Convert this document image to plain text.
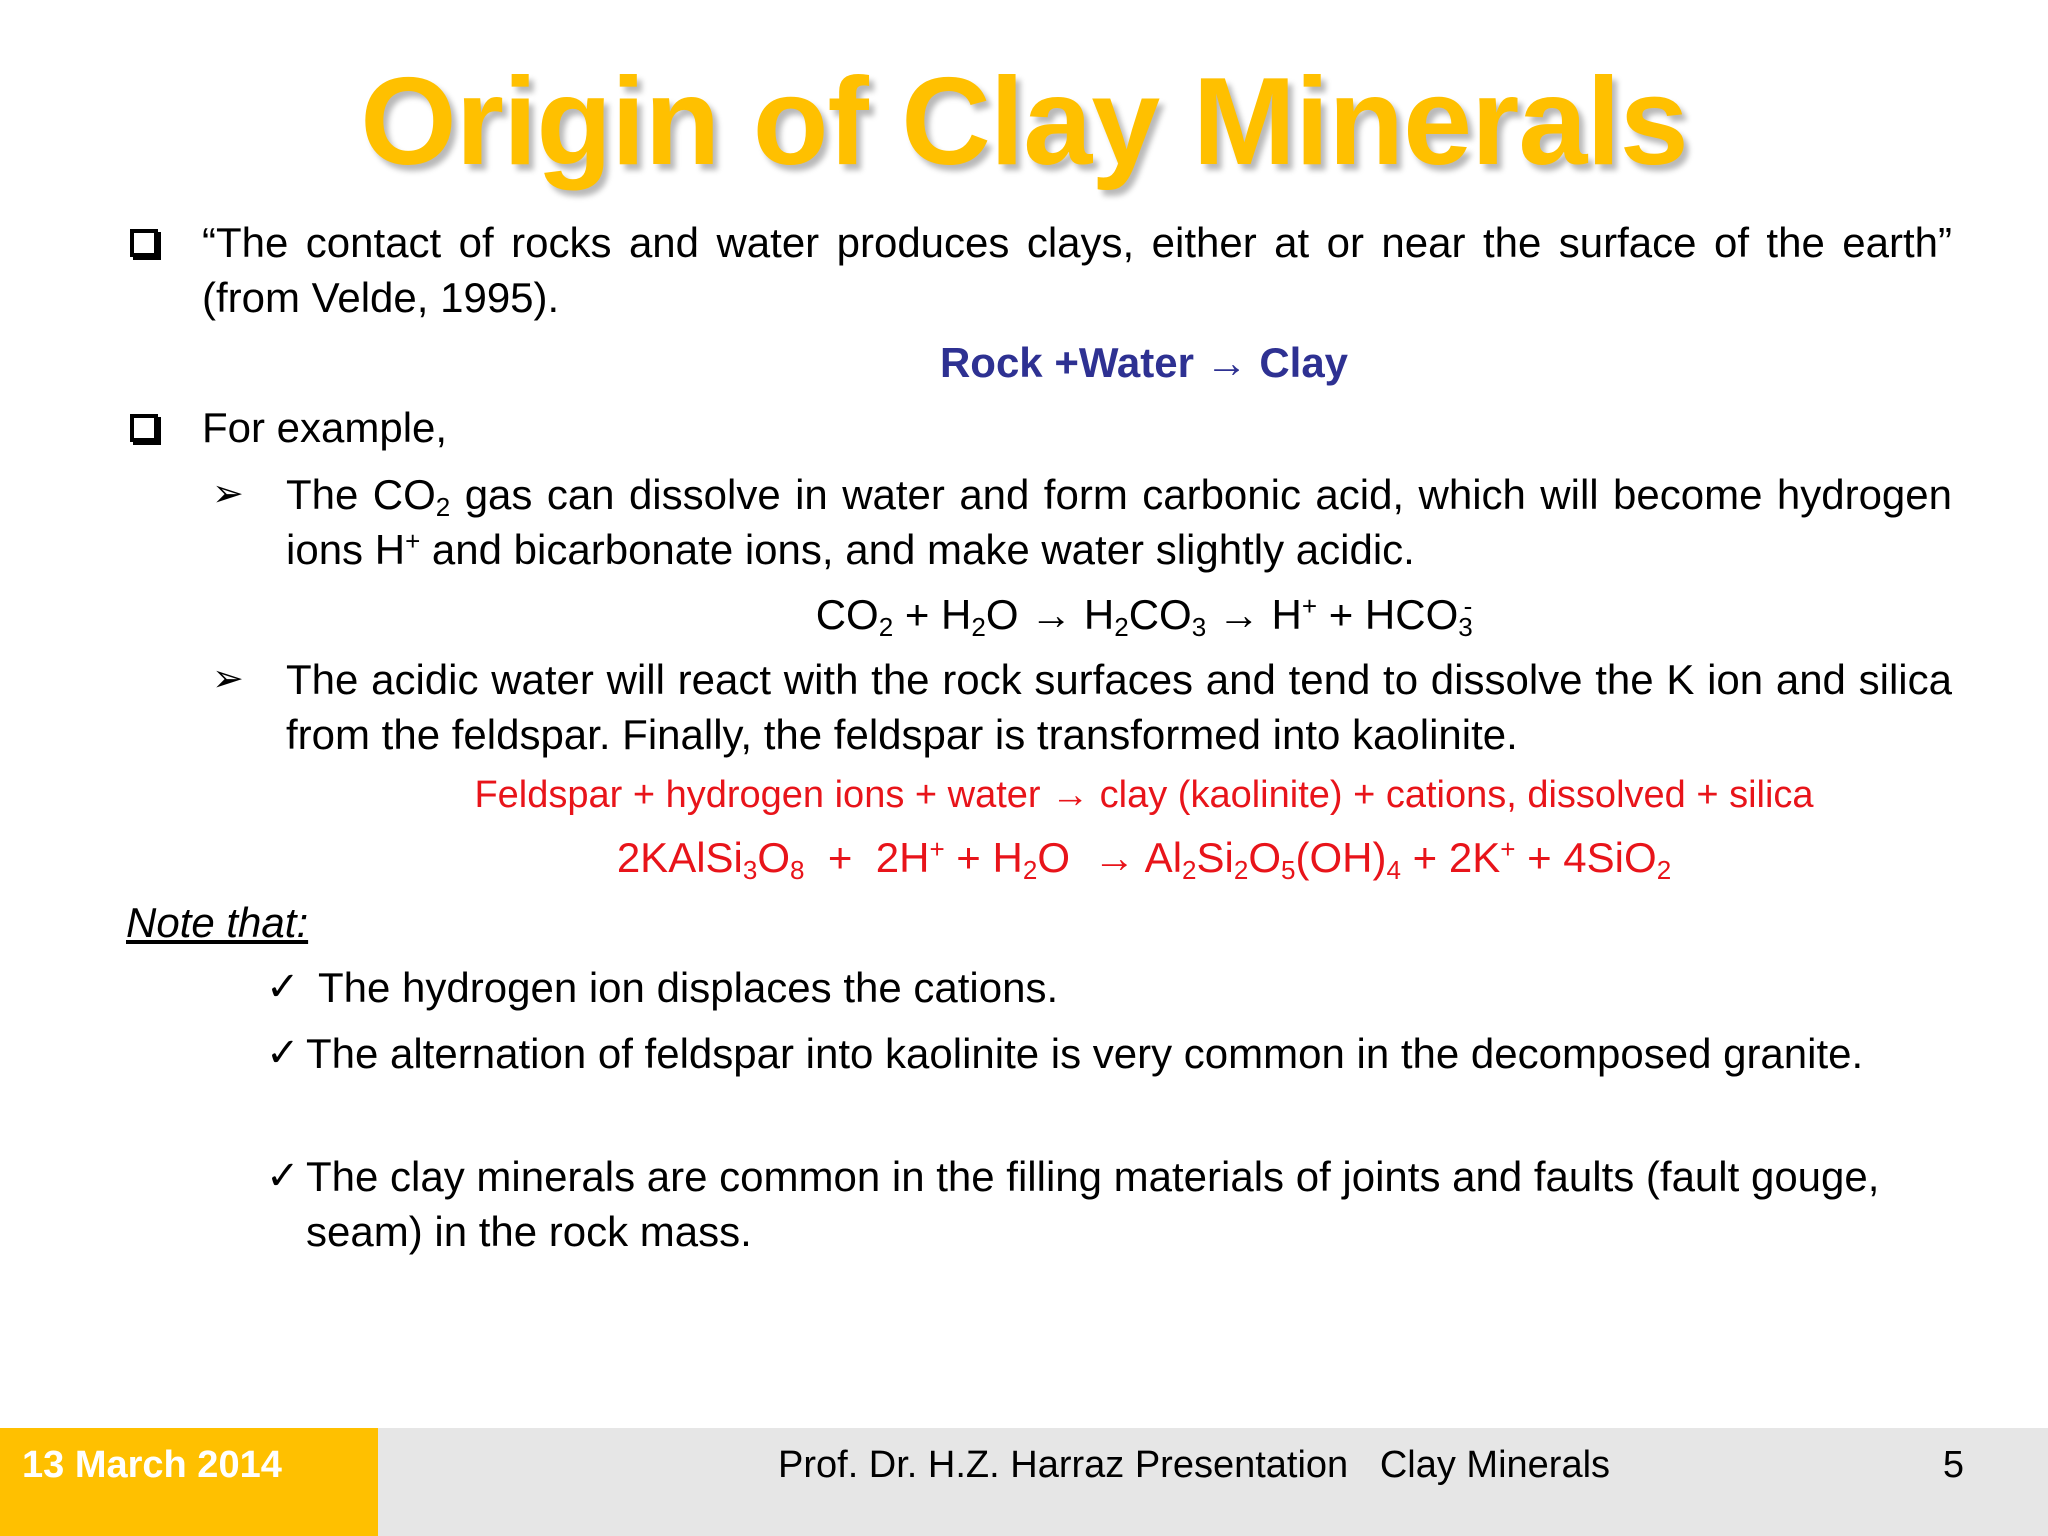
Origin of Clay Minerals
“The contact of rocks and water produces clays, either at or near the surface of the earth” (from Velde, 1995).
Rock +Water → Clay
For example,
➢ The $CO_2$ gas can dissolve in water and form carbonic acid, which will become hydrogen ions H+ and bicarbonate ions, and make water slightly acidic.
$CO_2 + H_2O \to H_2CO_3 \to H^+ + HCO_3^-$
➢ The acidic water will react with the rock surfaces and tend to dissolve the K ion and silica from the feldspar. Finally, the feldspar is transformed into kaolinite.
Feldspar + hydrogen ions + water → clay (kaolinite) + cations, dissolved + silica
$2KAlSi_3O_8 + 2H^+ + H_2O \to Al_2Si_2O_5(OH)_4 + 2K^+ + 4SiO_2$
Note that:
✓ The hydrogen ion displaces the cations.
✓ The alternation of feldspar into kaolinite is very common in the decomposed granite.
✓ The clay minerals are common in the filling materials of joints and faults (fault gouge, seam) in the rock mass.
13 March 2014	Prof. Dr. H.Z. Harraz Presentation   Clay Minerals	5
